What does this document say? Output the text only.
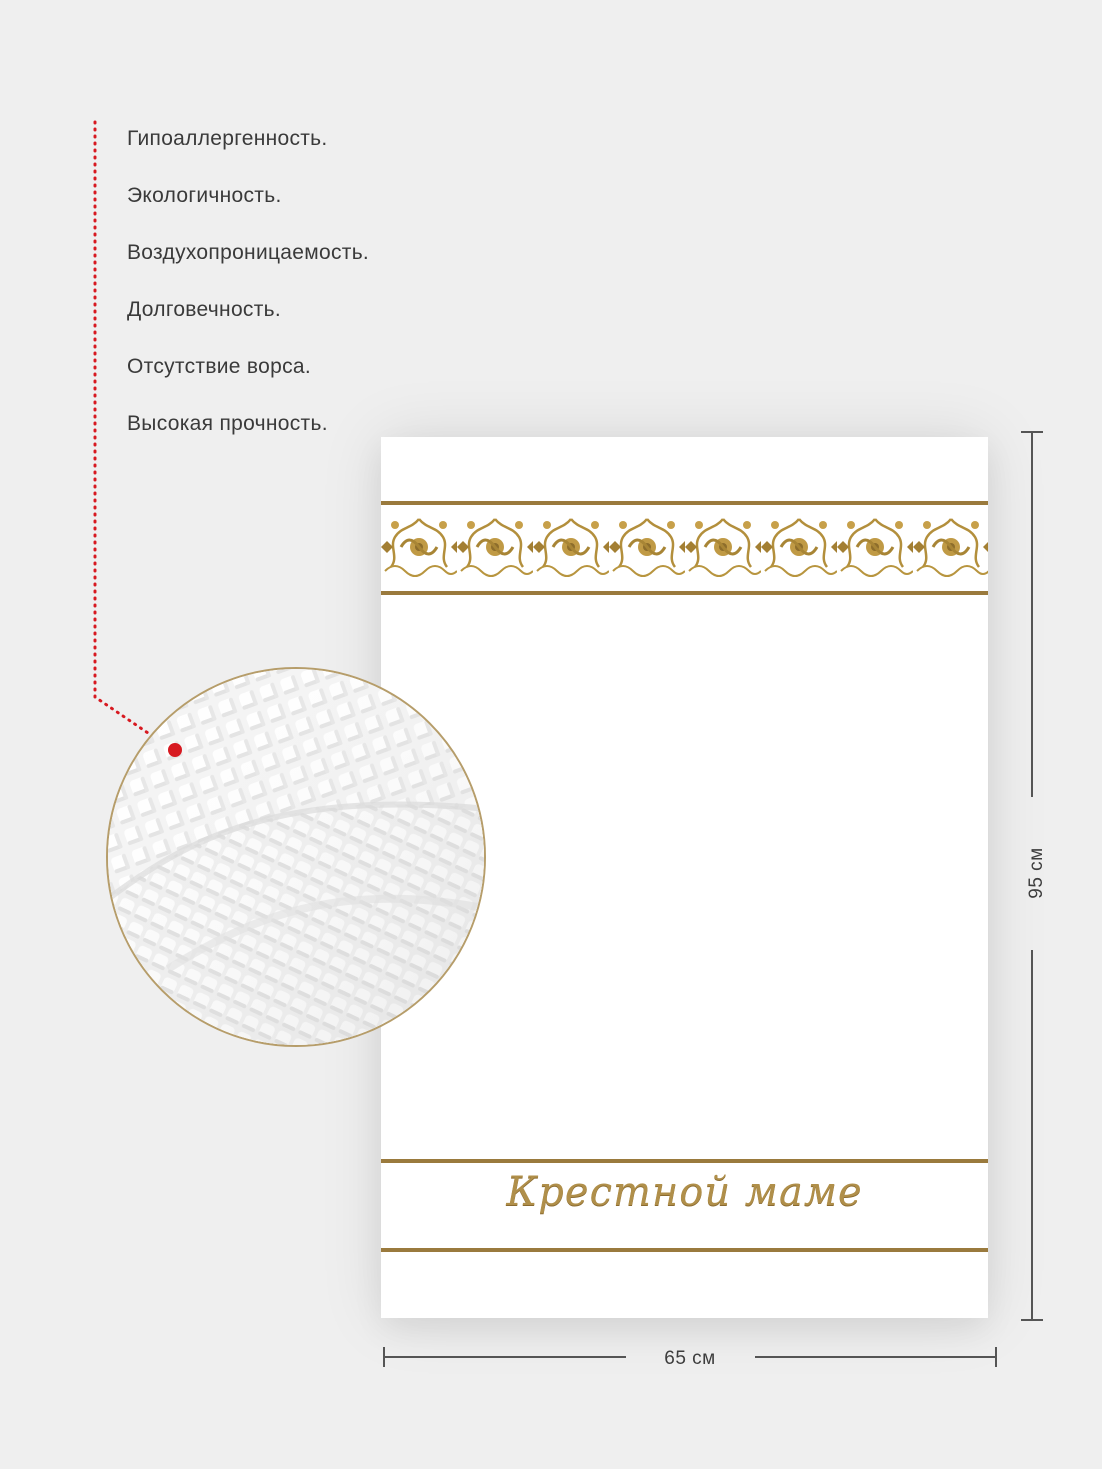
Гипоаллергенность.
Экологичность.
Воздухопроницаемость.
Долговечность.
Отсутствие ворса.
Высокая прочность.
Крестной маме
65 см
95 см
